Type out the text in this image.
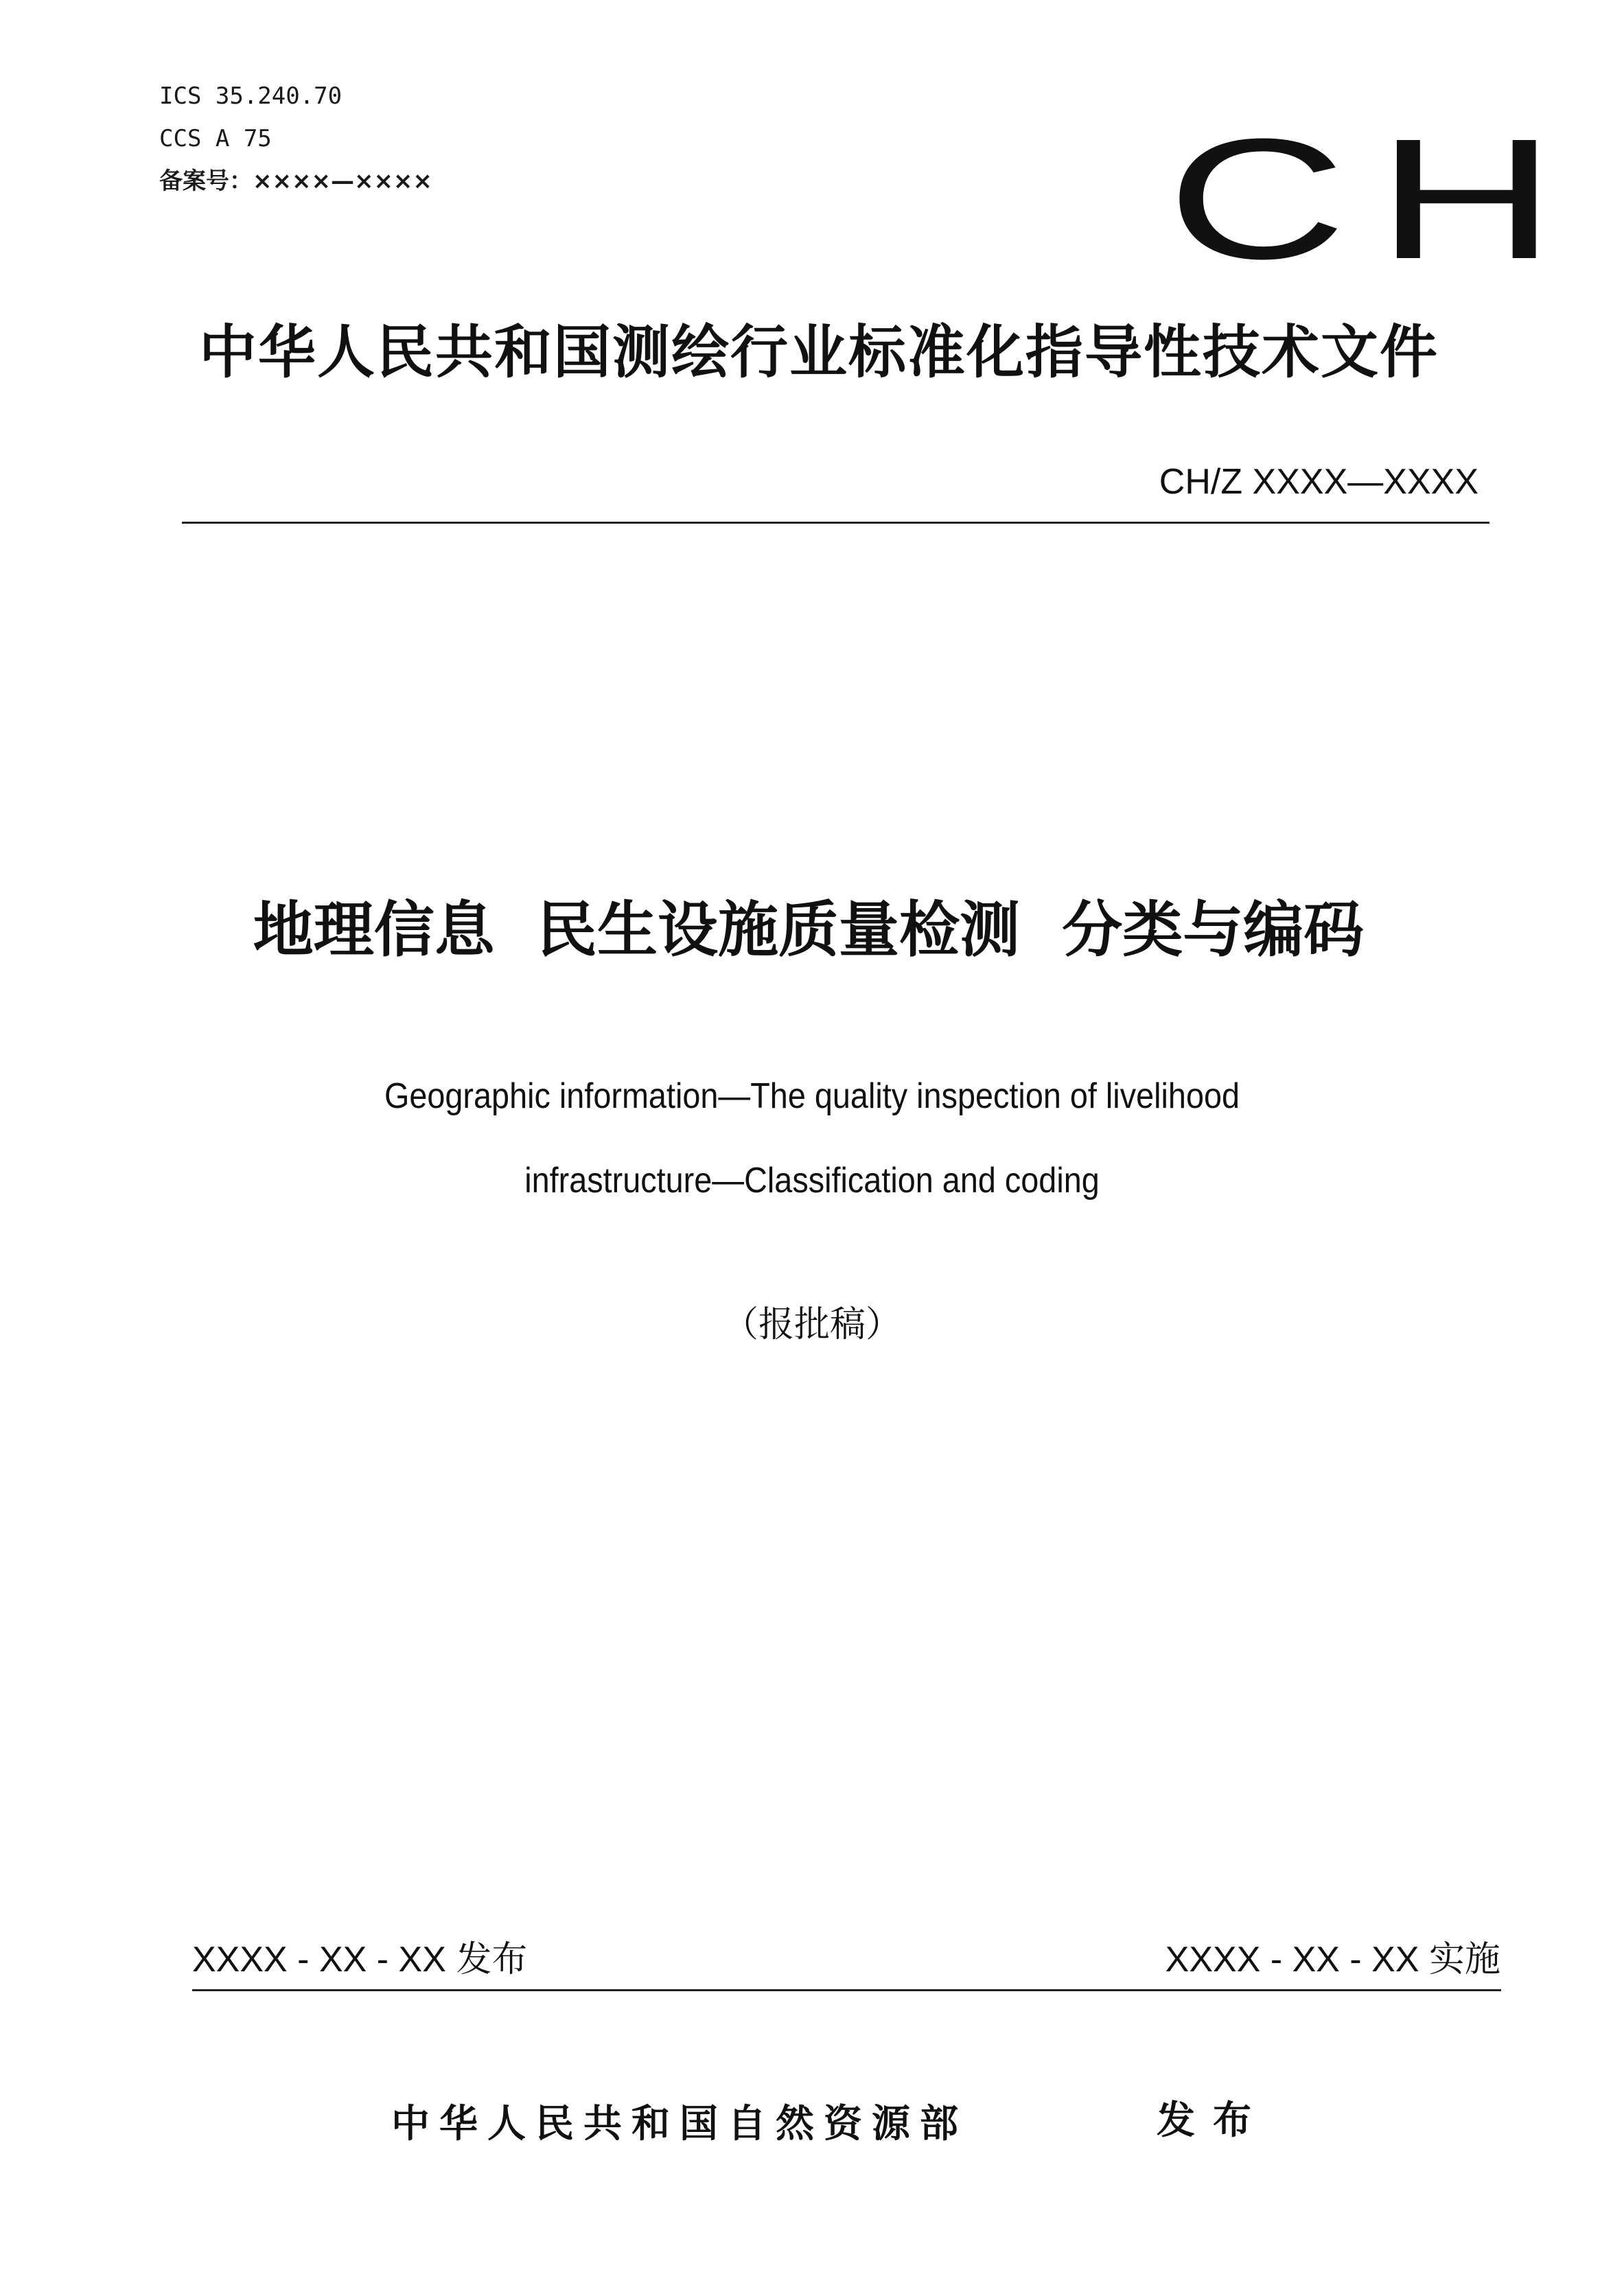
ICS 35.240.70
CCS A 75
备案号：××××—××××	CH
中华人民共和国测绘行业标准化指导性技术文件
CH/Z XXXX—XXXX
地理信息  民生设施质量检测  分类与编码
Geographic information—The quality inspection of livelihood
infrastructure—Classification and coding
（报批稿）
XXXX - XX - XX 发布	XXXX - XX - XX 实施
中华人民共和国自然资源部	发布
